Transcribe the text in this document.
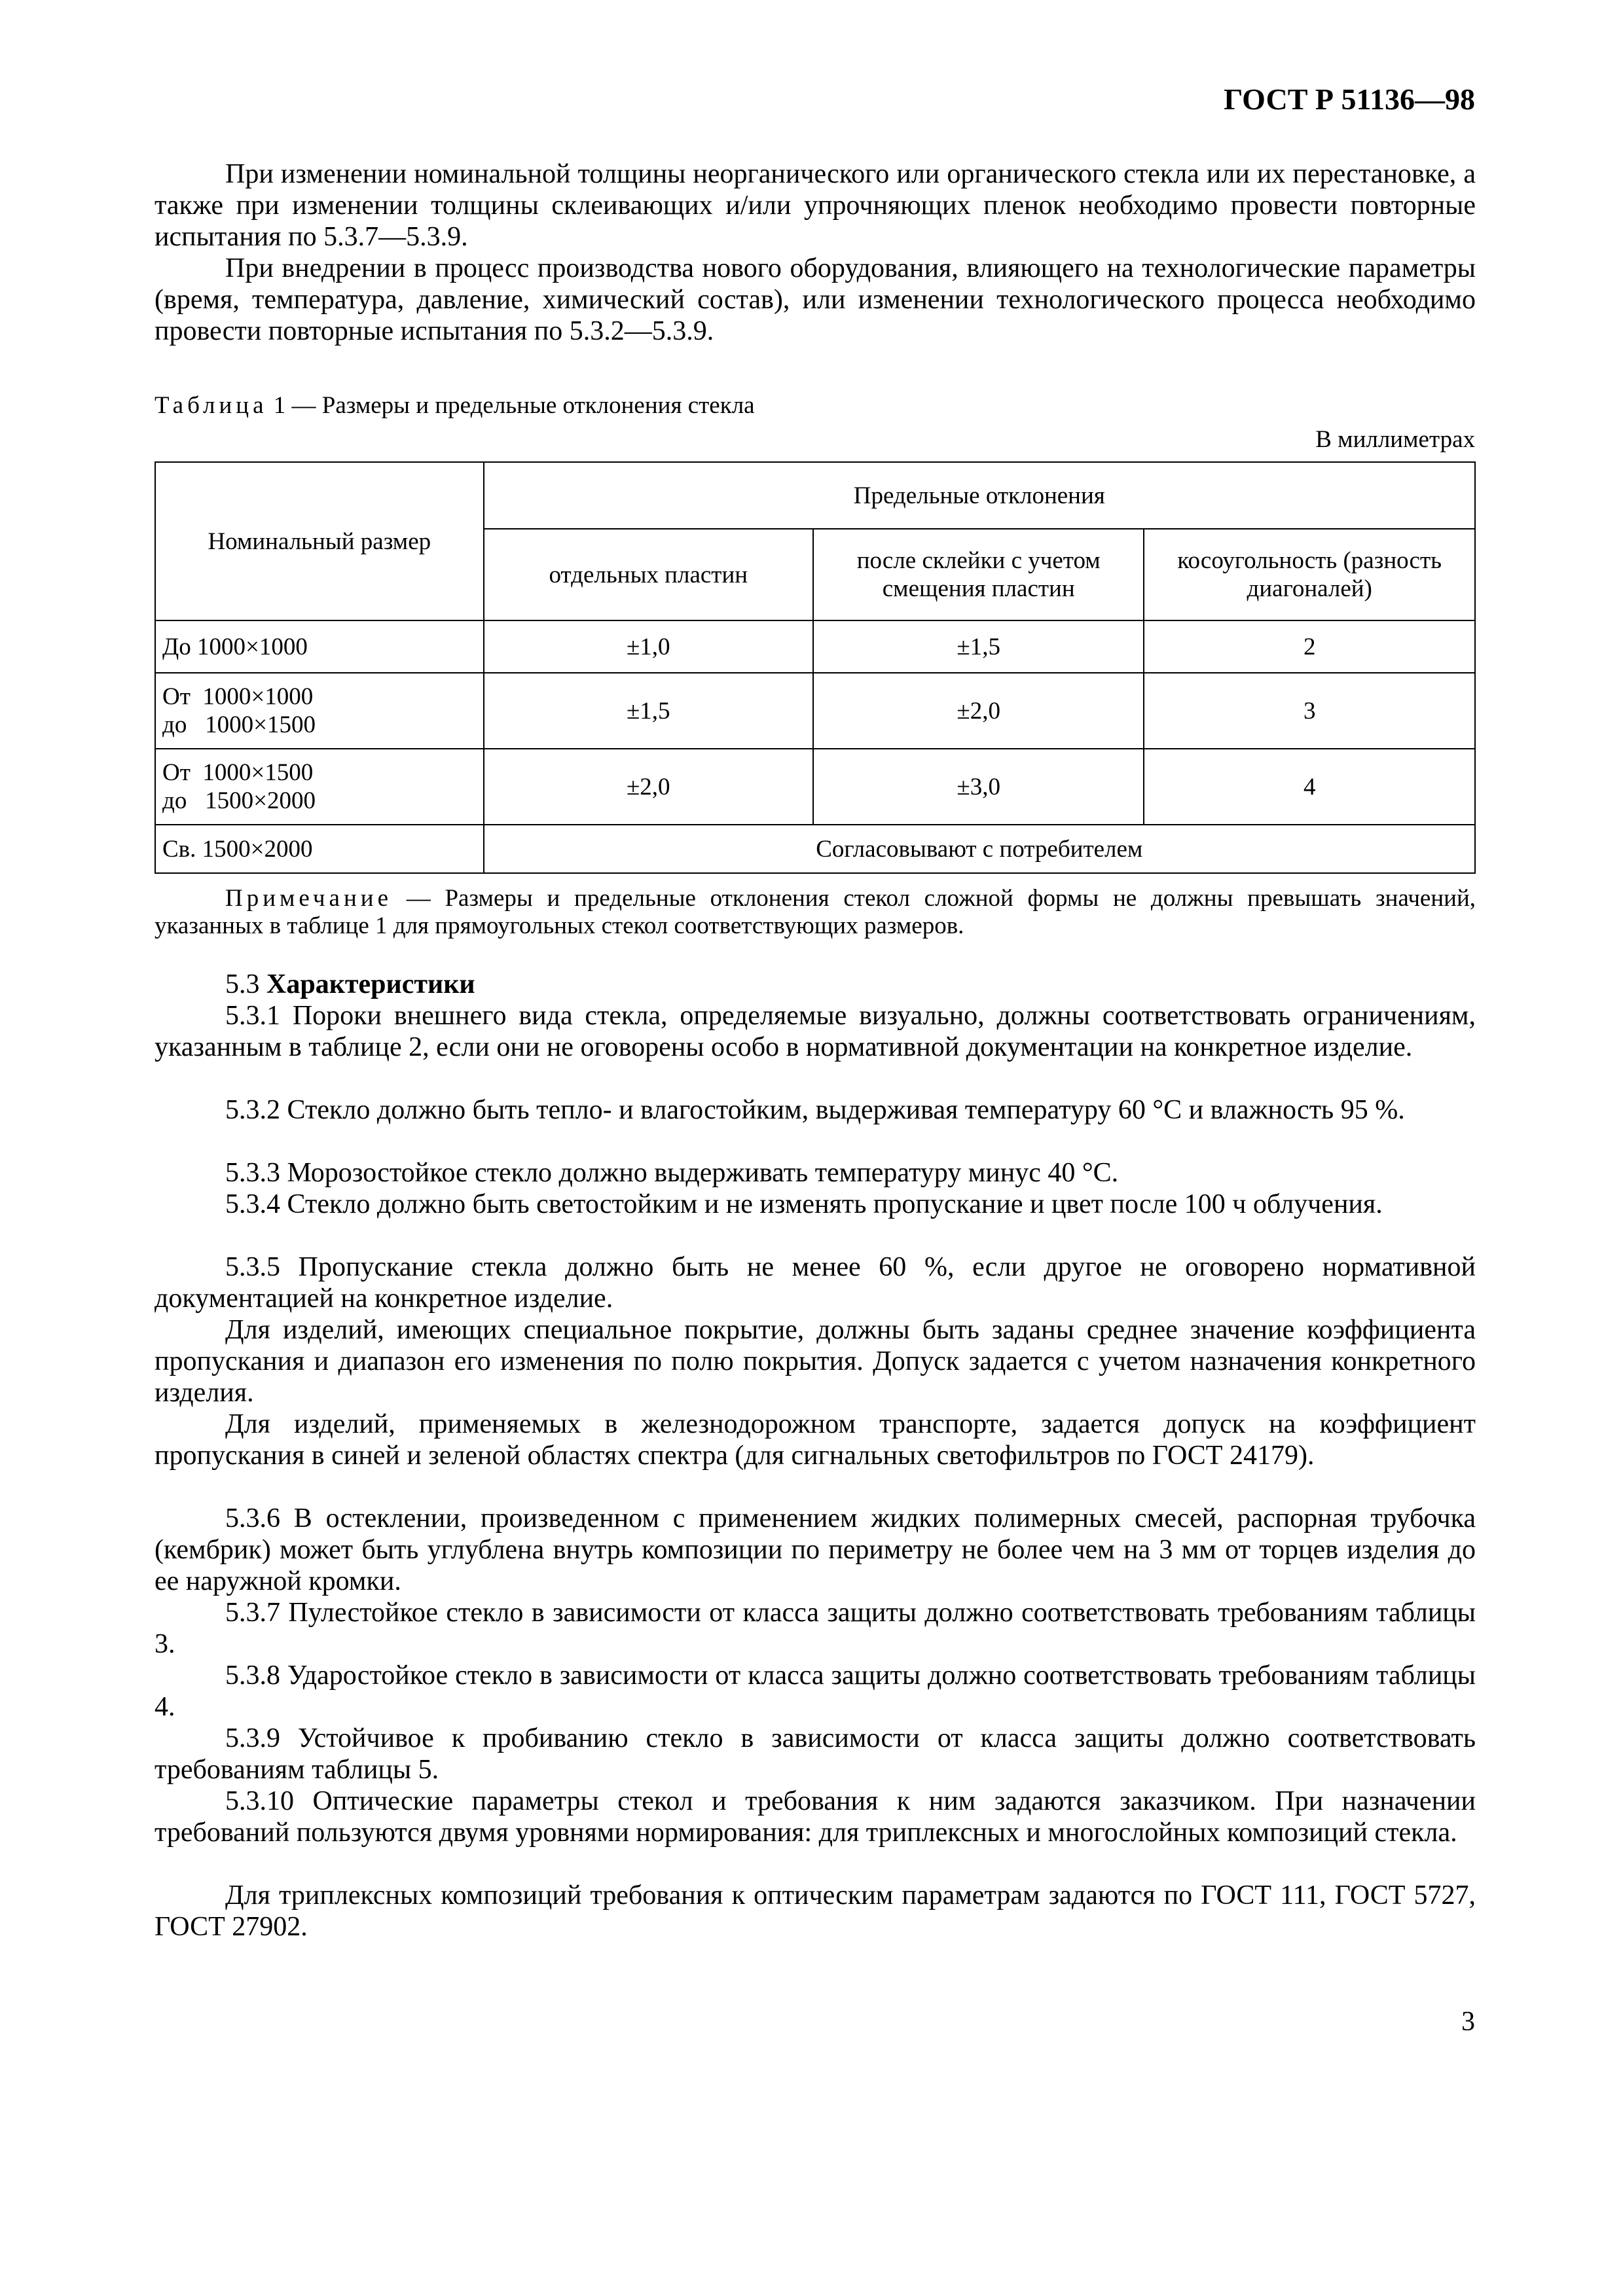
ГОСТ Р 51136—98

При изменении номинальной толщины неорганического или органического стекла или их перестановке, а также при изменении толщины склеивающих и/или упрочняющих пленок необходимо провести повторные испытания по 5.3.7—5.3.9.

При внедрении в процесс производства нового оборудования, влияющего на технологические параметры (время, температура, давление, химический состав), или изменении технологического процесса необходимо провести повторные испытания по 5.3.2—5.3.9.

Таблица 1 — Размеры и предельные отклонения стекла
В миллиметрах
Номинальный размер	Предельные отклонения		
	отдельных пластин	после склейки с учетом смещения пластин	косоугольность (разность диагоналей)
До 1000×1000	±1,0	±1,5	2

От  1000×1000
до   1000×1500	±1,5	±2,0	3

От  1000×1500
до   1500×2000	±2,0	±3,0	4
Св. 1500×2000	Согласовывают с потребителем		
Примечание — Размеры и предельные отклонения стекол сложной формы не должны превышать значений, указанных в таблице 1 для прямоугольных стекол соответствующих размеров.

5.3 Характеристики

5.3.1 Пороки внешнего вида стекла, определяемые визуально, должны соответствовать ограничениям, указанным в таблице 2, если они не оговорены особо в нормативной документации на конкретное изделие.

5.3.2 Стекло должно быть тепло- и влагостойким, выдерживая температуру 60 °С и влажность 95 %.

5.3.3 Морозостойкое стекло должно выдерживать температуру минус 40 °С.

5.3.4 Стекло должно быть светостойким и не изменять пропускание и цвет после 100 ч облучения.

5.3.5 Пропускание стекла должно быть не менее 60 %, если другое не оговорено нормативной документацией на конкретное изделие.

Для изделий, имеющих специальное покрытие, должны быть заданы среднее значение коэффициента пропускания и диапазон его изменения по полю покрытия. Допуск задается с учетом назначения конкретного изделия.

Для изделий, применяемых в железнодорожном транспорте, задается допуск на коэффициент пропускания в синей и зеленой областях спектра (для сигнальных светофильтров по ГОСТ 24179).

5.3.6 В остеклении, произведенном с применением жидких полимерных смесей, распорная трубочка (кембрик) может быть углублена внутрь композиции по периметру не более чем на 3 мм от торцев изделия до ее наружной кромки.

5.3.7 Пулестойкое стекло в зависимости от класса защиты должно соответствовать требованиям таблицы 3.

5.3.8 Ударостойкое стекло в зависимости от класса защиты должно соответствовать требованиям таблицы 4.

5.3.9 Устойчивое к пробиванию стекло в зависимости от класса защиты должно соответствовать требованиям таблицы 5.

5.3.10 Оптические параметры стекол и требования к ним задаются заказчиком. При назначении требований пользуются двумя уровнями нормирования: для триплексных и многослойных композиций стекла.

Для триплексных композиций требования к оптическим параметрам задаются по ГОСТ 111, ГОСТ 5727, ГОСТ 27902.

3
